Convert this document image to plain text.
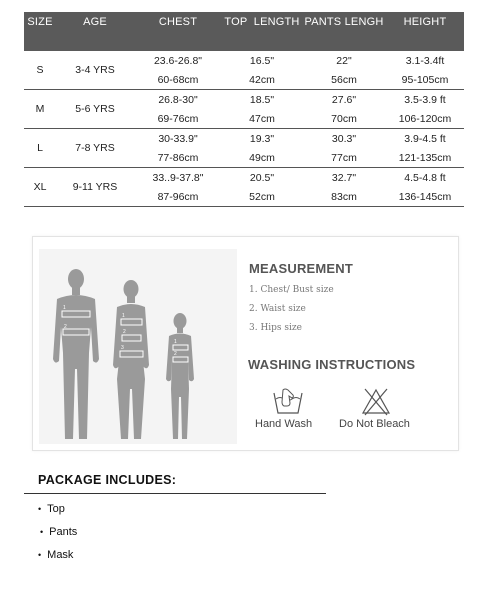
SIZE	AGE	CHEST	TOP  LENGTH	PANTS LENGH	HEIGHT
S	3-4 YRS	23.6-26.8"	16.5"	22"	3.1-3.4ft
		60-68cm	42cm	56cm	95-105cm
M	5-6 YRS	26.8-30"	18.5"	27.6"	3.5-3.9 ft
		69-76cm	47cm	70cm	106-120cm
L	7-8 YRS	30-33.9"	19.3"	30.3"	3.9-4.5 ft
		77-86cm	49cm	77cm	121-135cm
XL	9-11 YRS	33..9-37.8"	20.5"	32.7"	4.5-4.8 ft
		87-96cm	52cm	83cm	136-145cm
1
2
1
2
3
1
2
MEASUREMENT
1. Chest/ Bust size
2. Waist size
3. Hips size
WASHING INSTRUCTIONS
Hand Wash Do Not Bleach
PACKAGE INCLUDES:
• Top
• Pants
• Mask
